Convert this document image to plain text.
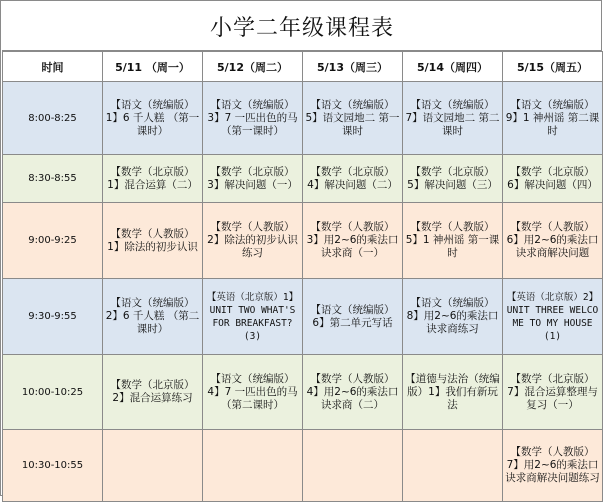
小学二年级课程表
时间	5/11 （周一）	5/12（周二）	5/13（周三）	5/14（周四）	5/15（周五）
8:00-8:25	【语文（统编版）1】6 千人糕 （第一课时）	【语文（统编版）3】7 一匹出色的马（第一课时）	【语文（统编版）5】语文园地二 第一课时	【语文（统编版）7】语文园地二 第二课时	【语文（统编版）9】1 神州谣 第二课时
8:30-8:55	【数学（北京版）1】混合运算（二）	【数学（北京版）3】解决问题（一）	【数学（北京版）4】解决问题（二）	【数学（北京版）5】解决问题（三）	【数学（北京版）6】解决问题（四）
9:00-9:25	【数学（人教版）1】除法的初步认识	【数学（人教版）2】除法的初步认识练习	【数学（人教版）3】用2~6的乘法口诀求商（一）	【数学（人教版）5】1 神州谣 第一课时	【数学（人教版）6】用2~6的乘法口诀求商解决问题
9:30-9:55	【语文（统编版）2】6 千人糕 （第二课时）	【英语（北京版）1】UNIT TWO WHAT'S FOR BREAKFAST?(3)	【语文（统编版）6】第二单元写话	【语文（统编版）8】用2~6的乘法口诀求商练习	【英语（北京版）2】UNIT THREE WELCOME TO MY HOUSE(1)
10:00-10:25	【数学（北京版）2】混合运算练习	【语文（统编版）4】7 一匹出色的马（第二课时）	【数学（人教版）4】用2~6的乘法口诀求商（二）	【道德与法治（统编版）1】我们有新玩法	【数学（北京版）7】混合运算整理与复习（一）
10:30-10:55					【数学（人教版）7】用2~6的乘法口诀求商解决问题练习
